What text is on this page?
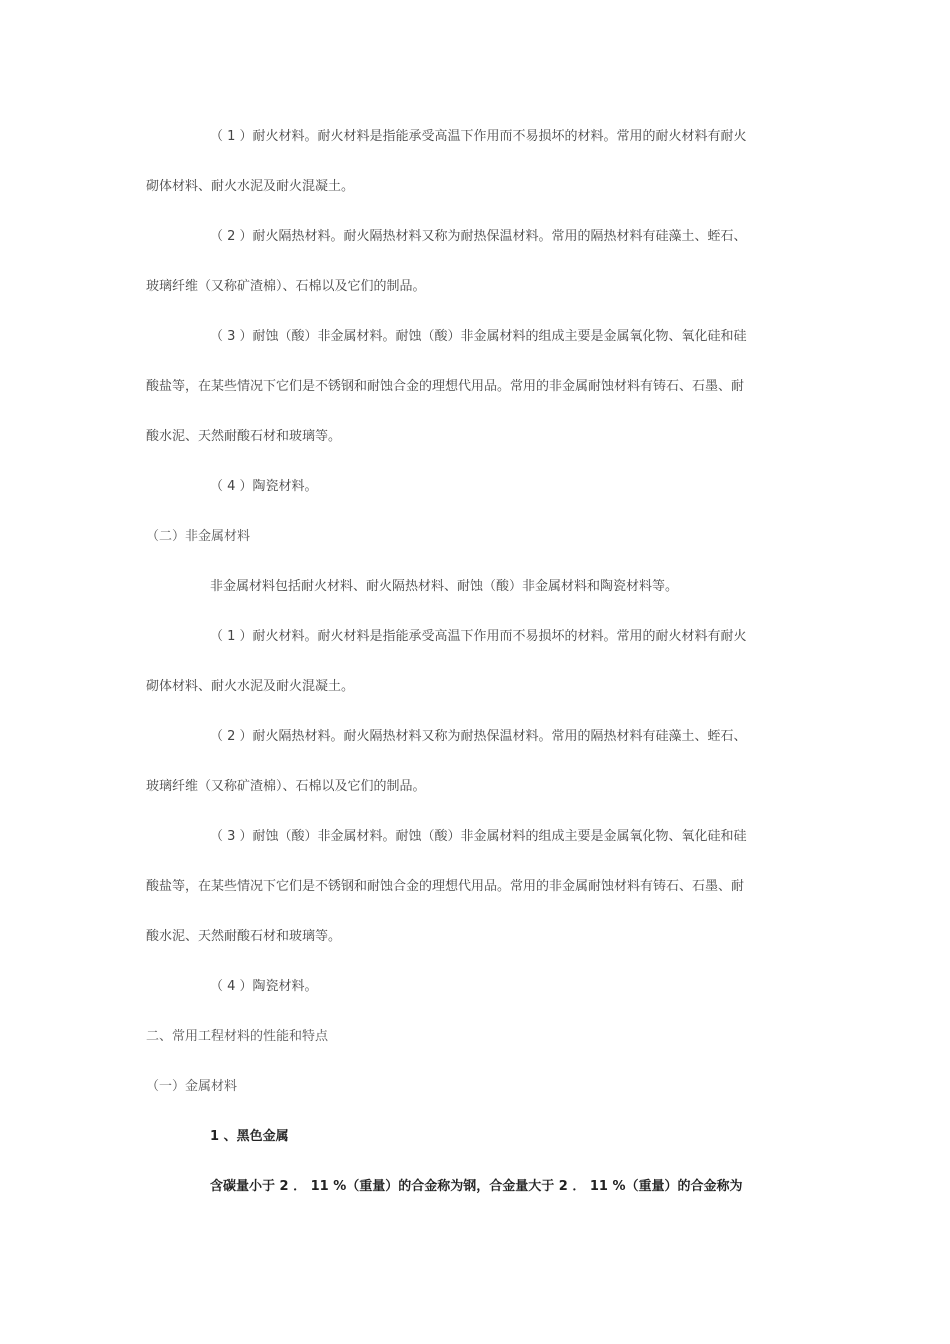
（ 1 ）耐火材料。耐火材料是指能承受高温下作用而不易损坏的材料。常用的耐火材料有耐火
砌体材料、耐火水泥及耐火混凝土。
（ 2 ）耐火隔热材料。耐火隔热材料又称为耐热保温材料。常用的隔热材料有硅藻土、蛭石、
玻璃纤维（又称矿渣棉）、石棉以及它们的制品。
（ 3 ）耐蚀（酸）非金属材料。耐蚀（酸）非金属材料的组成主要是金属氧化物、氧化硅和硅
酸盐等，在某些情况下它们是不锈钢和耐蚀合金的理想代用品。常用的非金属耐蚀材料有铸石、石墨、耐
酸水泥、天然耐酸石材和玻璃等。
（ 4 ）陶瓷材料。
（二）非金属材料
非金属材料包括耐火材料、耐火隔热材料、耐蚀（酸）非金属材料和陶瓷材料等。
（ 1 ）耐火材料。耐火材料是指能承受高温下作用而不易损坏的材料。常用的耐火材料有耐火
砌体材料、耐火水泥及耐火混凝土。
（ 2 ）耐火隔热材料。耐火隔热材料又称为耐热保温材料。常用的隔热材料有硅藻土、蛭石、
玻璃纤维（又称矿渣棉）、石棉以及它们的制品。
（ 3 ）耐蚀（酸）非金属材料。耐蚀（酸）非金属材料的组成主要是金属氧化物、氧化硅和硅
酸盐等，在某些情况下它们是不锈钢和耐蚀合金的理想代用品。常用的非金属耐蚀材料有铸石、石墨、耐
酸水泥、天然耐酸石材和玻璃等。
（ 4 ）陶瓷材料。
二、常用工程材料的性能和特点
（一）金属材料
1 、黑色金属
含碳量小于 2 ． 11 %（重量）的合金称为钢，合金量大于 2 ． 11 %（重量）的合金称为
